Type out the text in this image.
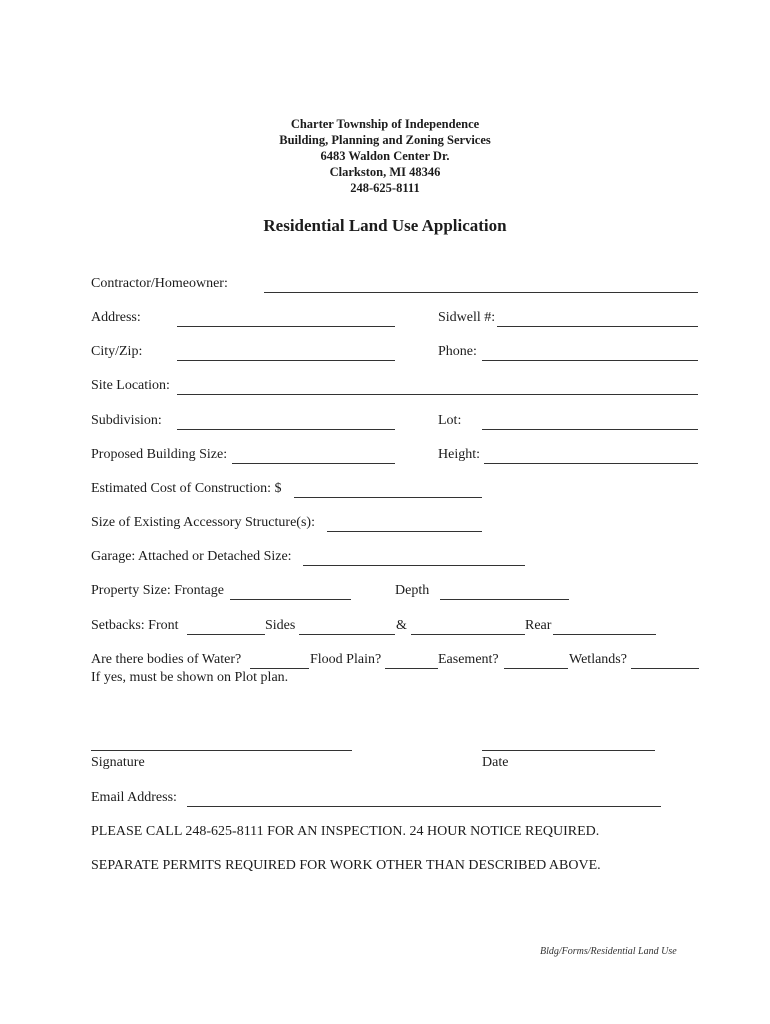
Charter Township of Independence
Building, Planning and Zoning Services
6483 Waldon Center Dr.
Clarkston, MI 48346
248-625-8111
Residential Land Use Application
Contractor/Homeowner:
Address:	Sidwell #:
City/Zip:	Phone:
Site Location:
Subdivision:	Lot:
Proposed Building Size:	Height:
Estimated Cost of Construction: $
Size of Existing Accessory Structure(s):
Garage: Attached or Detached Size:
Property Size: Frontage	Depth
Setbacks: Front	Sides	&	Rear
Are there bodies of Water?	Flood Plain?	Easement?	Wetlands?
If yes, must be shown on Plot plan.
Signature	Date
Email Address:
PLEASE CALL 248-625-8111 FOR AN INSPECTION. 24 HOUR NOTICE REQUIRED.
SEPARATE PERMITS REQUIRED FOR WORK OTHER THAN DESCRIBED ABOVE.
Bldg/Forms/Residential Land Use
